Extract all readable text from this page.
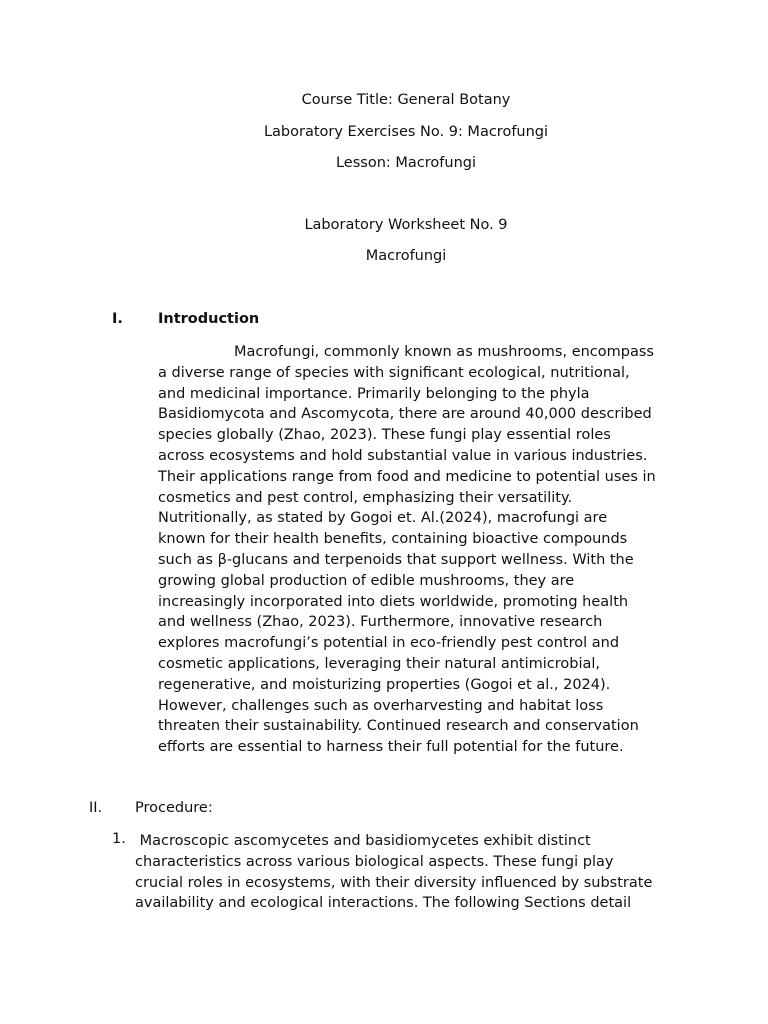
Course Title: General Botany
Laboratory Exercises No. 9: Macrofungi
Lesson: Macrofungi
Laboratory Worksheet No. 9
Macrofungi
I. Introduction
Macrofungi, commonly known as mushrooms, encompass
a diverse range of species with significant ecological, nutritional,
and medicinal importance. Primarily belonging to the phyla
Basidiomycota and Ascomycota, there are around 40,000 described
species globally (Zhao, 2023). These fungi play essential roles
across ecosystems and hold substantial value in various industries.
Their applications range from food and medicine to potential uses in
cosmetics and pest control, emphasizing their versatility.
Nutritionally, as stated by Gogoi et. Al.(2024), macrofungi are
known for their health benefits, containing bioactive compounds
such as β-glucans and terpenoids that support wellness. With the
growing global production of edible mushrooms, they are
increasingly incorporated into diets worldwide, promoting health
and wellness (Zhao, 2023). Furthermore, innovative research
explores macrofungi’s potential in eco-friendly pest control and
cosmetic applications, leveraging their natural antimicrobial,
regenerative, and moisturizing properties (Gogoi et al., 2024).
However, challenges such as overharvesting and habitat loss
threaten their sustainability. Continued research and conservation
efforts are essential to harness their full potential for the future.
II. Procedure:
1. Macroscopic ascomycetes and basidiomycetes exhibit distinct
characteristics across various biological aspects. These fungi play
crucial roles in ecosystems, with their diversity influenced by substrate
availability and ecological interactions. The following Sections detail
